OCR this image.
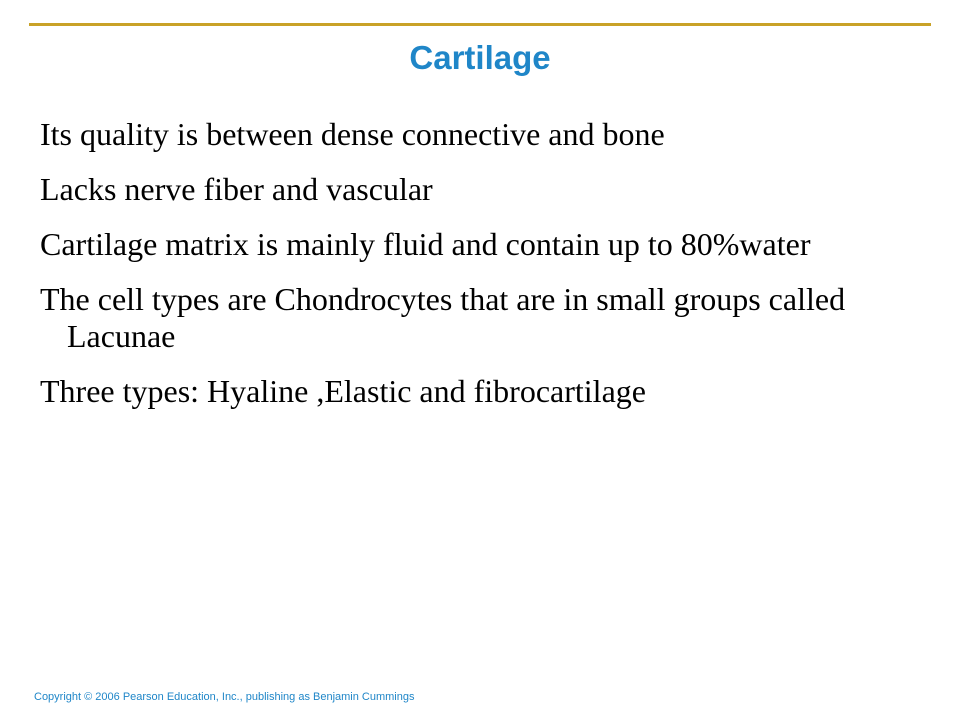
Cartilage
Its quality is between dense connective and bone
Lacks nerve fiber and vascular
Cartilage matrix is mainly fluid and contain up to 80%water
The cell types are Chondrocytes that are in small groups called Lacunae
Three types: Hyaline ,Elastic and fibrocartilage

Copyright © 2006 Pearson Education, Inc., publishing as Benjamin Cummings
